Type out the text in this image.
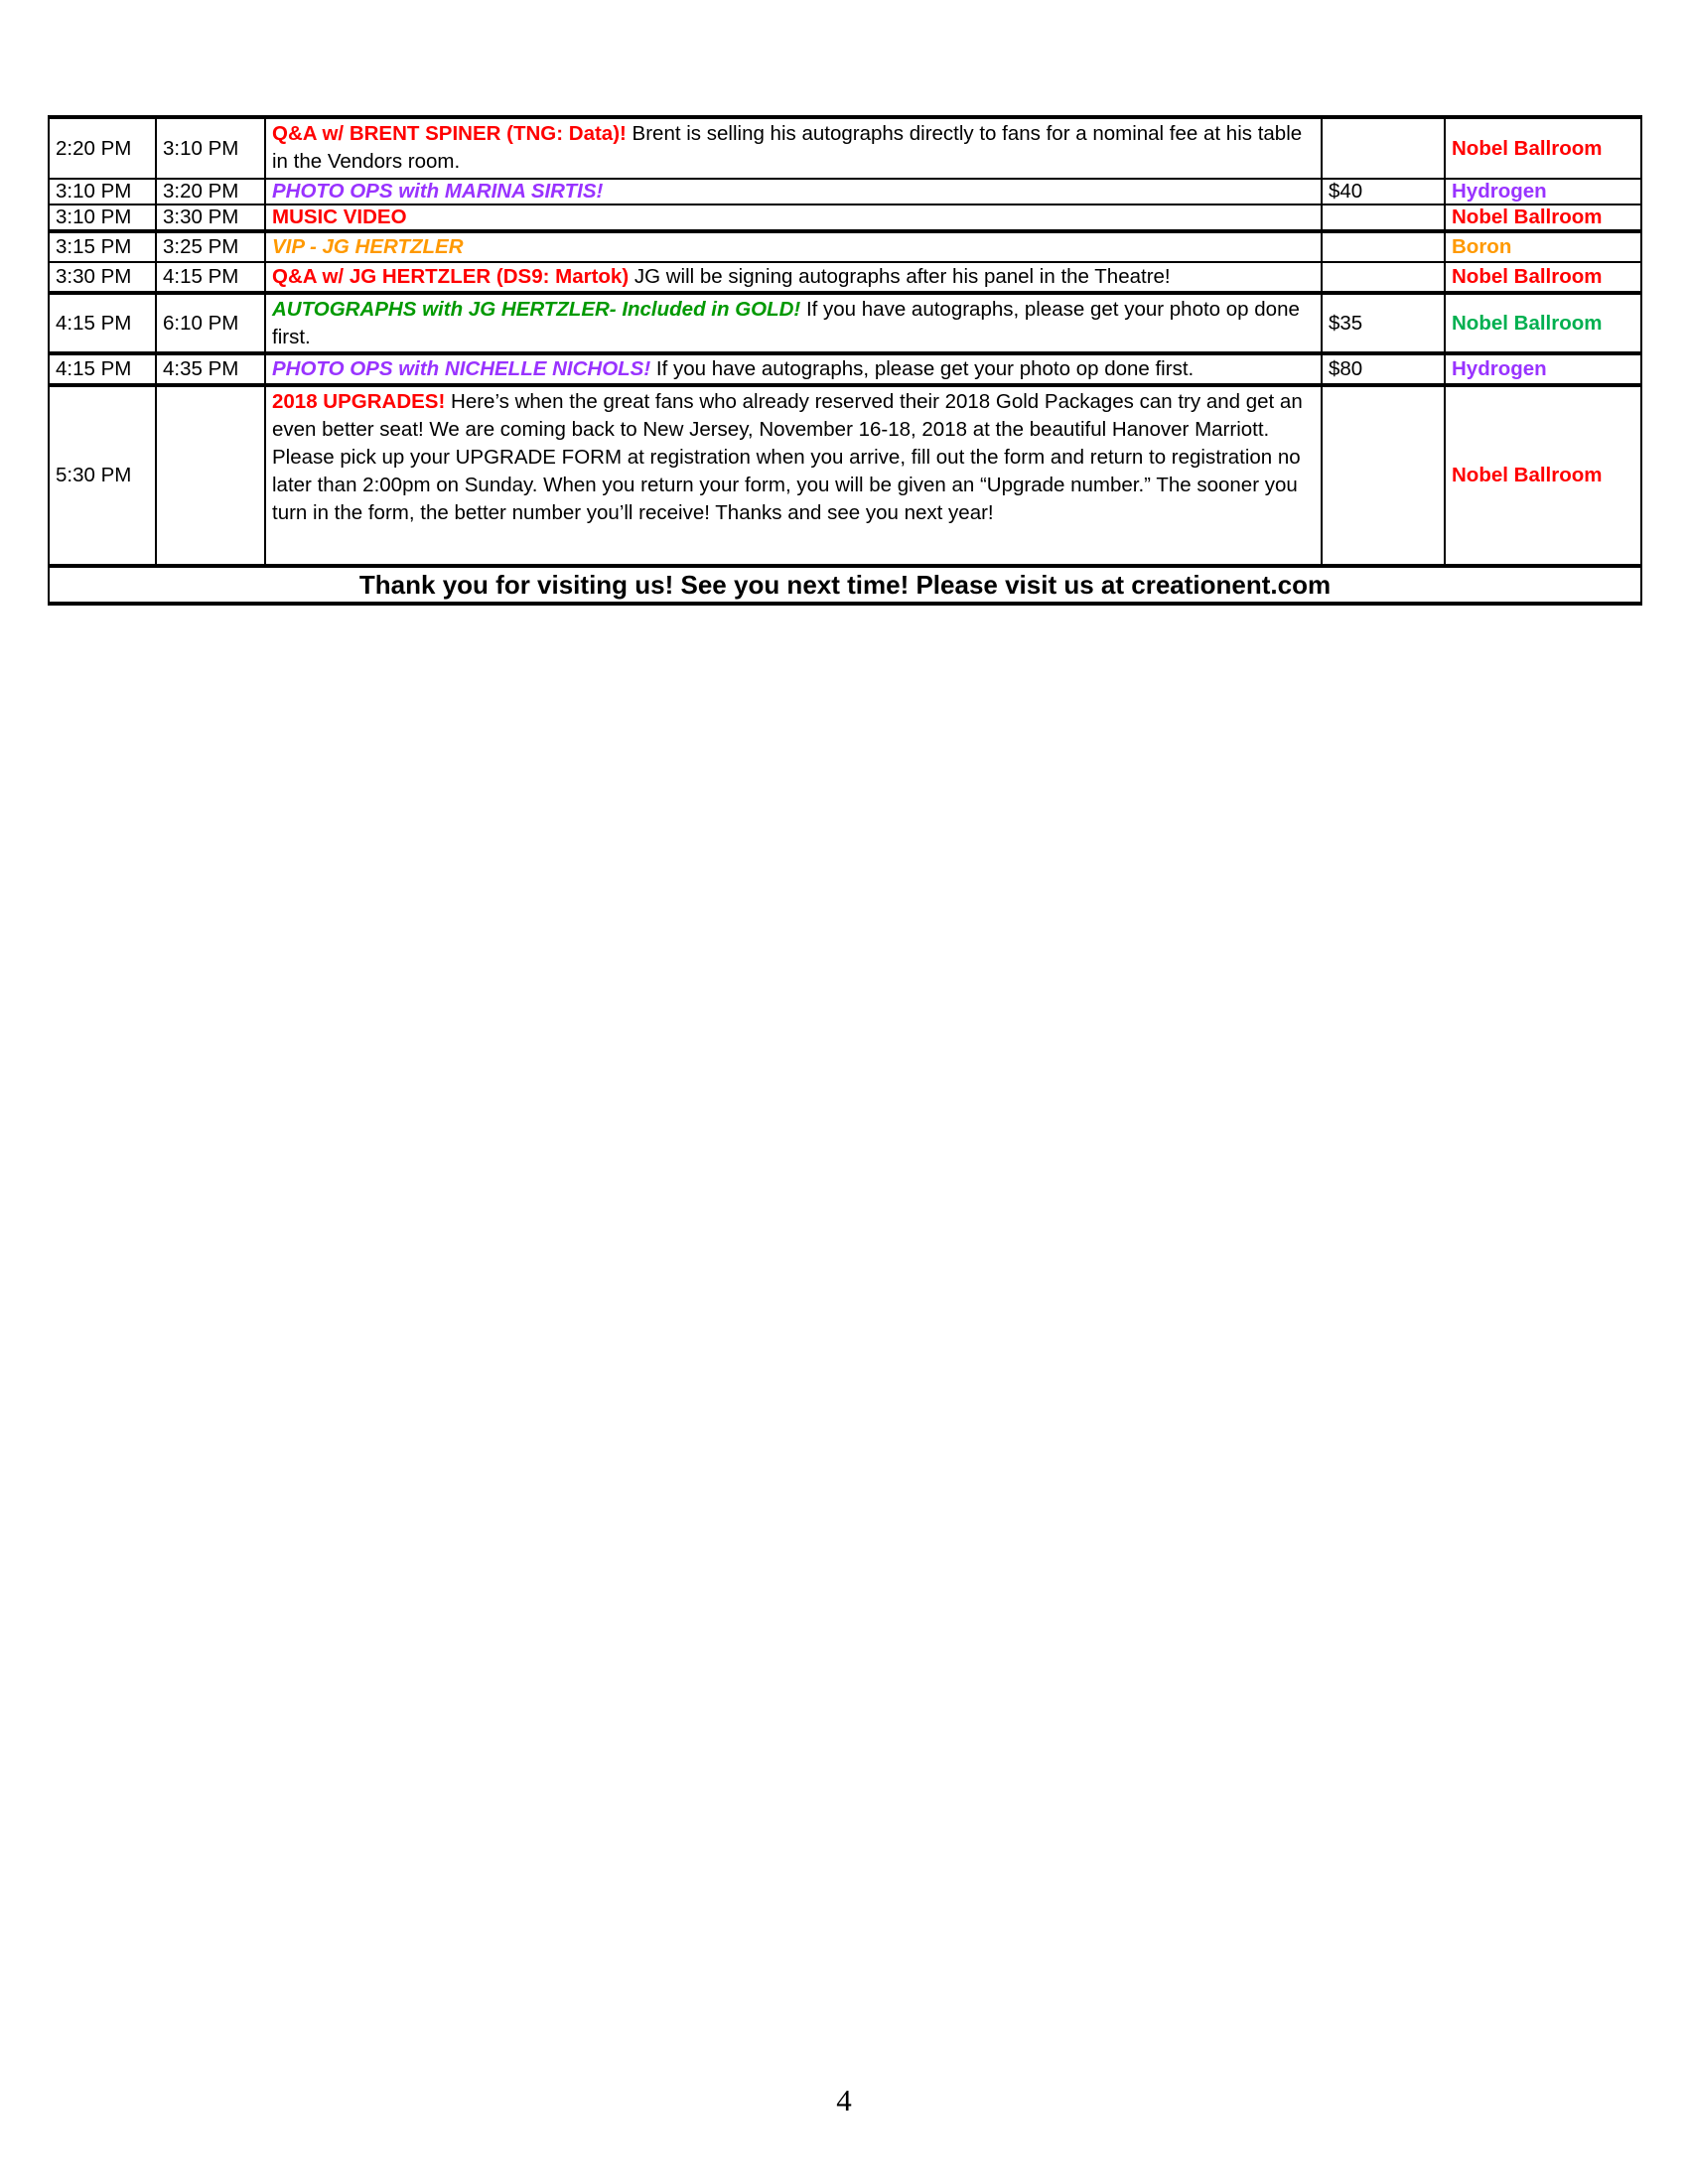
2:20 PM	3:10 PM	Q&A w/ BRENT SPINER (TNG: Data)! Brent is selling his autographs directly to fans for a nominal fee at his table in the Vendors room.		Nobel Ballroom
3:10 PM	3:20 PM	PHOTO OPS with MARINA SIRTIS!	$40	Hydrogen
3:10 PM	3:30 PM	MUSIC VIDEO		Nobel Ballroom
3:15 PM	3:25 PM	VIP - JG HERTZLER		Boron
3:30 PM	4:15 PM	Q&A w/ JG HERTZLER (DS9: Martok) JG will be signing autographs after his panel in the Theatre!		Nobel Ballroom
4:15 PM	6:10 PM	AUTOGRAPHS with JG HERTZLER- Included in GOLD! If you have autographs, please get your photo op done first.	$35	Nobel Ballroom
4:15 PM	4:35 PM	PHOTO OPS with NICHELLE NICHOLS! If you have autographs, please get your photo op done first.	$80	Hydrogen
5:30 PM		2018 UPGRADES! Here’s when the great fans who already reserved their 2018 Gold Packages can try and get an even better seat! We are coming back to New Jersey, November 16-18, 2018 at the beautiful Hanover Marriott. Please pick up your UPGRADE FORM at registration when you arrive, fill out the form and return to registration no later than 2:00pm on Sunday. When you return your form, you will be given an “Upgrade number.” The sooner you turn in the form, the better number you’ll receive! Thanks and see you next year!		Nobel Ballroom
Thank you for visiting us! See you next time! Please visit us at creationent.com				
4
